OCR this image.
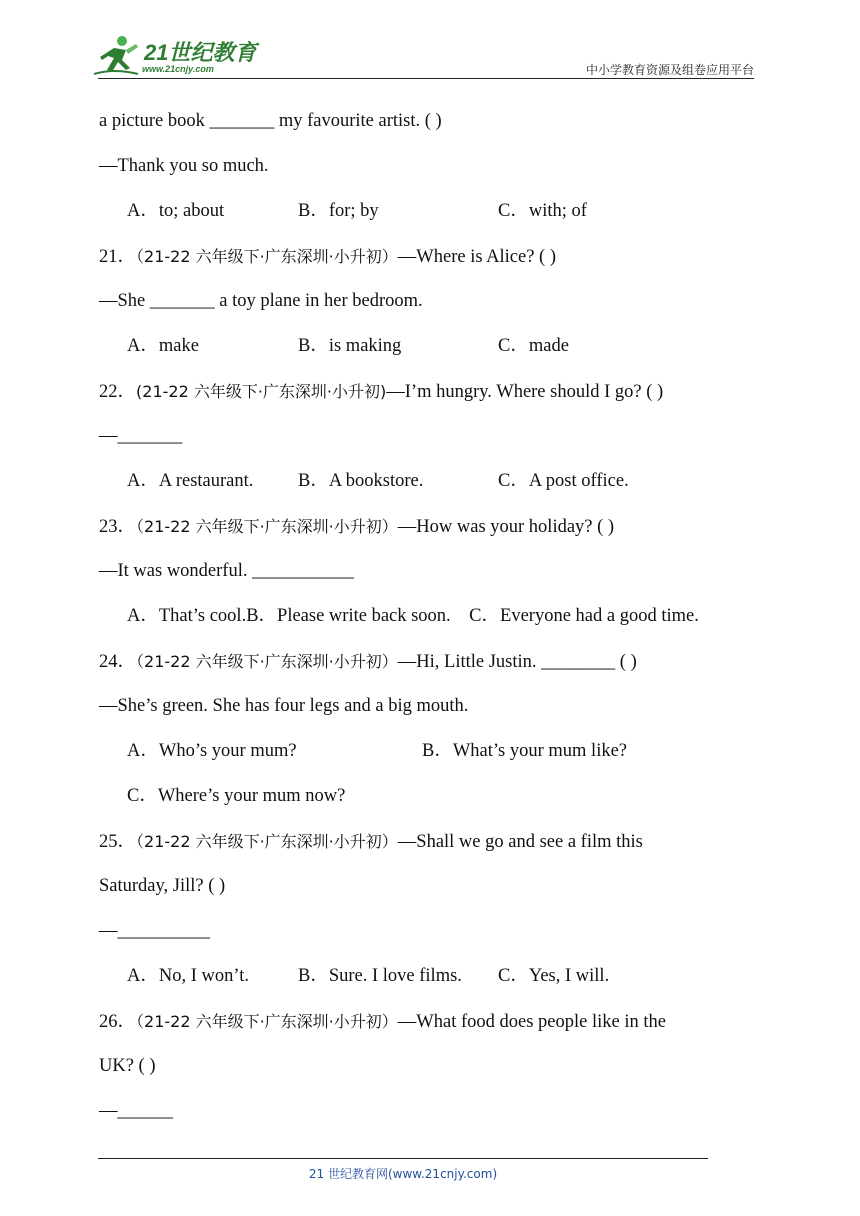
21世纪教育
www.21cnjy.com	中小学教育资源及组卷应用平台
a picture book _______ my favourite artist. ( )
—Thank you so much.
A．to; about	B．for; by	C．with; of
21．（21-22 六年级下·广东深圳·小升初）—Where is Alice? ( )
—She _______ a toy plane in her bedroom.
A．make	B．is making	C．made
22．(21-22 六年级下·广东深圳·小升初)—I’m hungry. Where should I go? ( )
—_______
A．A restaurant. B．A bookstore.	C．A post office.
23．（21-22 六年级下·广东深圳·小升初）—How was your holiday? ( )
—It was wonderful. ___________
A．That’s cool.B．Please write back soon.    C．Everyone had a good time.
24．（21-22 六年级下·广东深圳·小升初）—Hi, Little Justin. ________ ( )
—She’s green. She has four legs and a big mouth.
A．Who’s your mum?	B．What’s your mum like?
C．Where’s your mum now?
25．（21-22 六年级下·广东深圳·小升初）—Shall we go and see a film this
Saturday, Jill? ( )
—__________
A．No, I won’t.	B．Sure. I love films. C．Yes, I will.
26．（21-22 六年级下·广东深圳·小升初）—What food does people like in the
UK? ( )
—______
21 世纪教育网(www.21cnjy.com)
